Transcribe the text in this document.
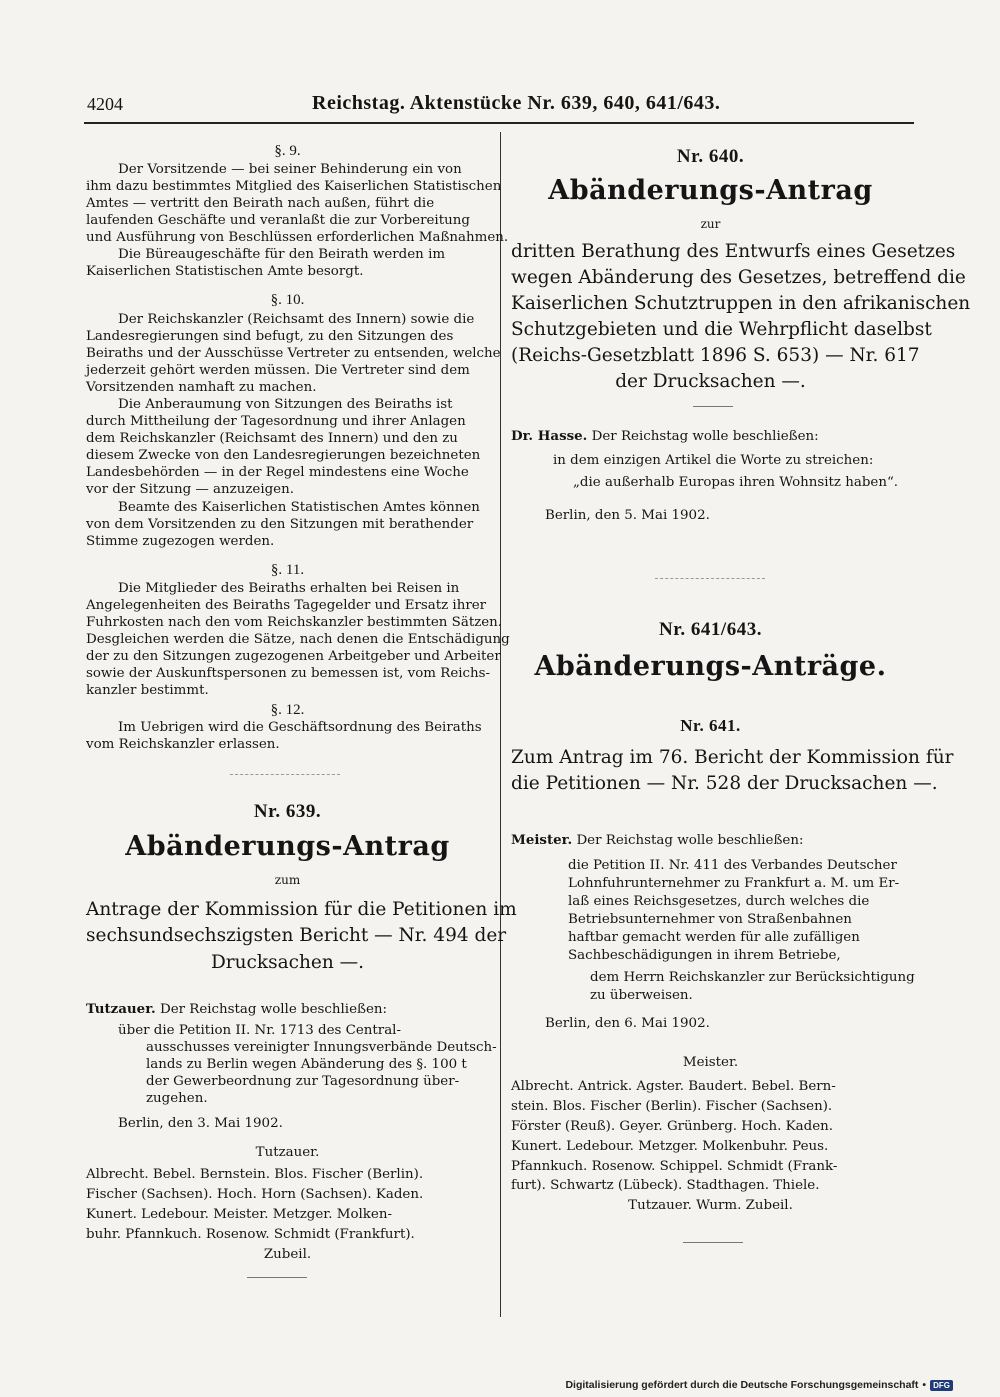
4204	Reichstag. Aktenstücke Nr. 639, 640, 641/643.
§. 9.
Der Vorsitzende — bei seiner Behinderung ein von
ihm dazu bestimmtes Mitglied des Kaiserlichen Statistischen
Amtes — vertritt den Beirath nach außen, führt die
laufenden Geschäfte und veranlaßt die zur Vorbereitung
und Ausführung von Beschlüssen erforderlichen Maßnahmen.
Die Büreaugeschäfte für den Beirath werden im
Kaiserlichen Statistischen Amte besorgt.
§. 10.
Der Reichskanzler (Reichsamt des Innern) sowie die
Landesregierungen sind befugt, zu den Sitzungen des
Beiraths und der Ausschüsse Vertreter zu entsenden, welche
jederzeit gehört werden müssen. Die Vertreter sind dem
Vorsitzenden namhaft zu machen.
Die Anberaumung von Sitzungen des Beiraths ist
durch Mittheilung der Tagesordnung und ihrer Anlagen
dem Reichskanzler (Reichsamt des Innern) und den zu
diesem Zwecke von den Landesregierungen bezeichneten
Landesbehörden — in der Regel mindestens eine Woche
vor der Sitzung — anzuzeigen.
Beamte des Kaiserlichen Statistischen Amtes können
von dem Vorsitzenden zu den Sitzungen mit berathender
Stimme zugezogen werden.
§. 11.
Die Mitglieder des Beiraths erhalten bei Reisen in
Angelegenheiten des Beiraths Tagegelder und Ersatz ihrer
Fuhrkosten nach den vom Reichskanzler bestimmten Sätzen.
Desgleichen werden die Sätze, nach denen die Entschädigung
der zu den Sitzungen zugezogenen Arbeitgeber und Arbeiter
sowie der Auskunftspersonen zu bemessen ist, vom Reichs-
kanzler bestimmt.
§. 12.
Im Uebrigen wird die Geschäftsordnung des Beiraths
vom Reichskanzler erlassen.
Nr. 639.
Abänderungs-Antrag
zum
Antrage der Kommission für die Petitionen im
sechsundsechszigsten Bericht — Nr. 494 der
Drucksachen —.
Tutzauer. Der Reichstag wolle beschließen:
über die Petition II. Nr. 1713 des Central-
ausschusses vereinigter Innungsverbände Deutsch-
lands zu Berlin wegen Abänderung des §. 100 t
der Gewerbeordnung zur Tagesordnung über-
zugehen.
Berlin, den 3. Mai 1902.
Tutzauer.
Albrecht. Bebel. Bernstein. Blos. Fischer (Berlin).
Fischer (Sachsen). Hoch. Horn (Sachsen). Kaden.
Kunert. Ledebour. Meister. Metzger. Molken-
buhr. Pfannkuch. Rosenow. Schmidt (Frankfurt).
Zubeil.
Nr. 640.
Abänderungs-Antrag
zur
dritten Berathung des Entwurfs eines Gesetzes
wegen Abänderung des Gesetzes, betreffend die
Kaiserlichen Schutztruppen in den afrikanischen
Schutzgebieten und die Wehrpflicht daselbst
(Reichs-Gesetzblatt 1896 S. 653) — Nr. 617
der Drucksachen —.
Dr. Hasse. Der Reichstag wolle beschließen:
in dem einzigen Artikel die Worte zu streichen:
„die außerhalb Europas ihren Wohnsitz haben“.
Berlin, den 5. Mai 1902.
Nr. 641/643.
Abänderungs-Anträge.
Nr. 641.
Zum Antrag im 76. Bericht der Kommission für
die Petitionen — Nr. 528 der Drucksachen —.
Meister. Der Reichstag wolle beschließen:
die Petition II. Nr. 411 des Verbandes Deutscher
Lohnfuhrunternehmer zu Frankfurt a. M. um Er-
laß eines Reichsgesetzes, durch welches die
Betriebsunternehmer von Straßenbahnen
haftbar gemacht werden für alle zufälligen
Sachbeschädigungen in ihrem Betriebe,
dem Herrn Reichskanzler zur Berücksichtigung
zu überweisen.
Berlin, den 6. Mai 1902.
Meister.
Albrecht. Antrick. Agster. Baudert. Bebel. Bern-
stein. Blos. Fischer (Berlin). Fischer (Sachsen).
Förster (Reuß). Geyer. Grünberg. Hoch. Kaden.
Kunert. Ledebour. Metzger. Molkenbuhr. Peus.
Pfannkuch. Rosenow. Schippel. Schmidt (Frank-
furt). Schwartz (Lübeck). Stadthagen. Thiele.
Tutzauer. Wurm. Zubeil.
Digitalisierung gefördert durch die Deutsche Forschungsgemeinschaft • DFG
